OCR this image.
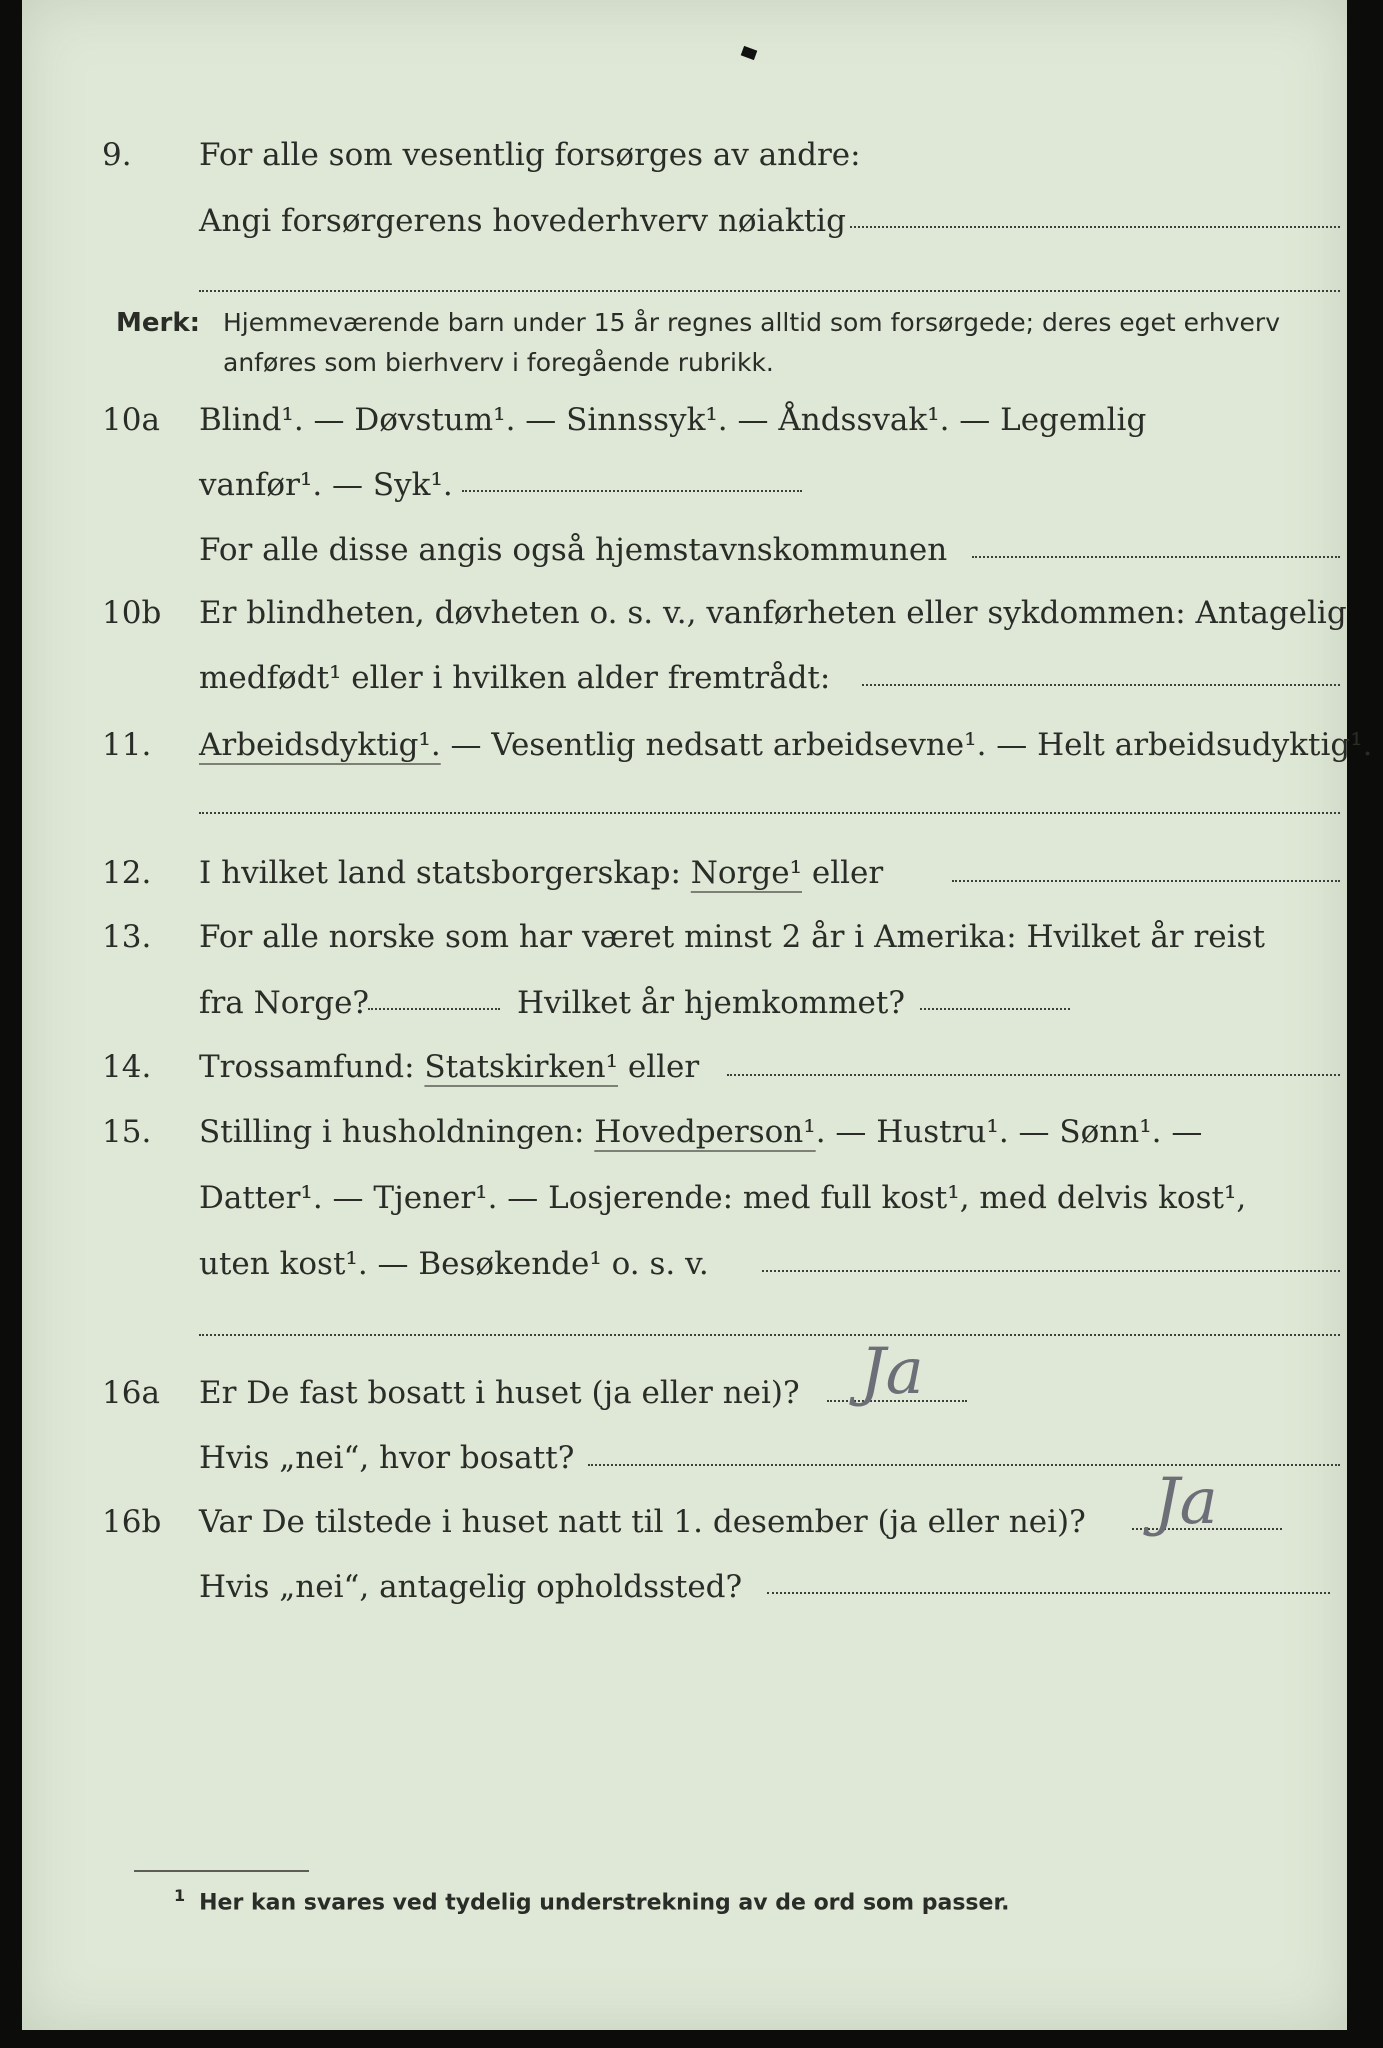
9.	For alle som vesentlig forsørges av andre:
Angi forsørgerens hovederhverv nøiaktig
Merk: Hjemmeværende barn under 15 år regnes alltid som forsørgede; deres eget erhverv
anføres som bierhverv i foregående rubrikk.
10a	Blind¹. — Døvstum¹. — Sinnssyk¹. — Åndssvak¹. — Legemlig
vanfør¹. — Syk¹.
For alle disse angis også hjemstavnskommunen
10b	Er blindheten, døvheten o. s. v., vanførheten eller sykdommen: Antagelig
medfødt¹ eller i hvilken alder fremtrådt:
11.	Arbeidsdyktig¹. — Vesentlig nedsatt arbeidsevne¹. — Helt arbeidsudyktig¹.
12.	I hvilket land statsborgerskap: Norge¹ eller
13.	For alle norske som har været minst 2 år i Amerika: Hvilket år reist
fra Norge?	Hvilket år hjemkommet?
14.	Trossamfund: Statskirken¹ eller
15.	Stilling i husholdningen: Hovedperson¹. — Hustru¹. — Sønn¹. —
Datter¹. — Tjener¹. — Losjerende: med full kost¹, med delvis kost¹,
uten kost¹. — Besøkende¹ o. s. v.
16a	Er De fast bosatt i huset (ja eller nei)? Ja
Hvis „nei“, hvor bosatt?
16b	Var De tilstede i huset natt til 1. desember (ja eller nei)?	Ja
Hvis „nei“, antagelig opholdssted?
$^1$ Her kan svares ved tydelig understrekning av de ord som passer.
